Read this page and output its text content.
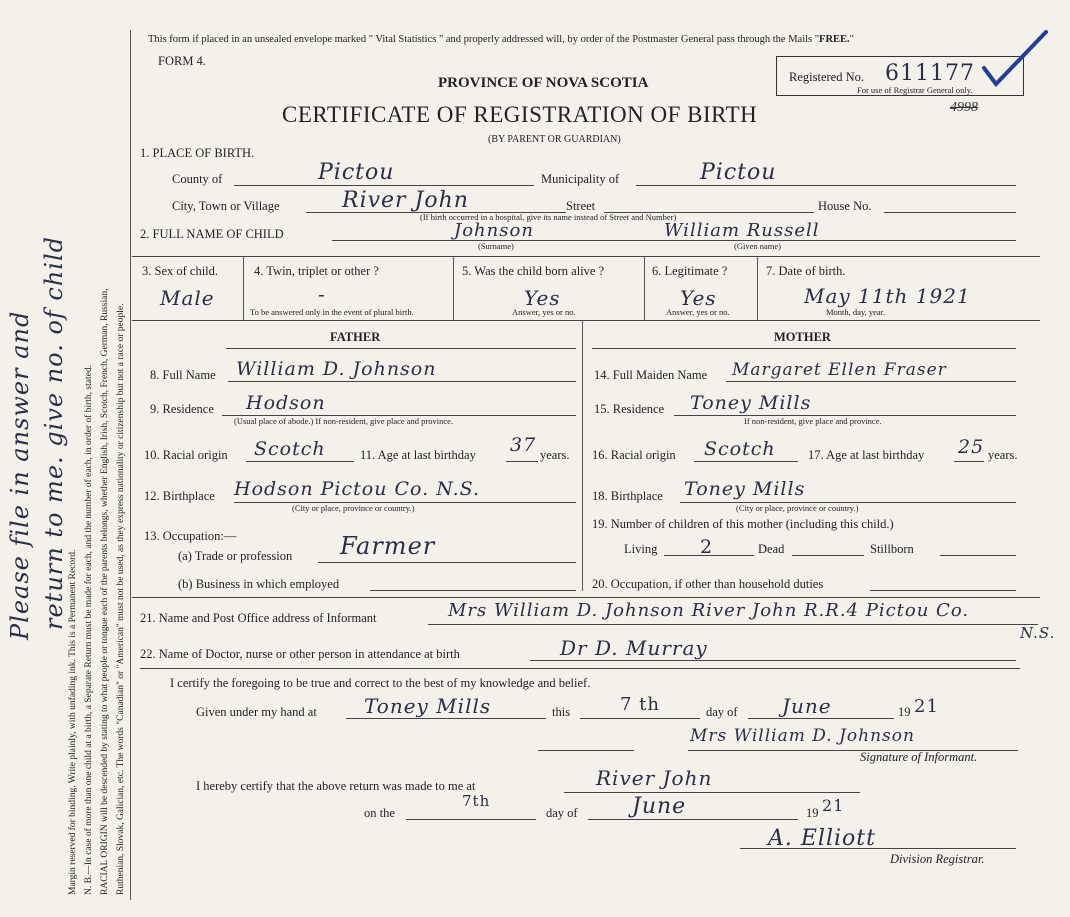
Margin reserved for binding. Write plainly, with unfading ink. This is a Permanent Record. N. B.—In case of more than one child at a birth, a Separate Return must be made for each, and the number of each, in order of birth, stated. RACIAL ORIGIN will be descended by stating to what people or tongue each of the parents belongs, whether English, Irish, Scotch, French, German, Russian, Ruthenian, Slovak, Galician, etc. The words "Canadian" or "American" must not be used, as they express nationality or citizenship but not a race or people.
Please file in answer and return to me. give no. of child
This form if placed in an unsealed envelope marked " Vital Statistics " and properly addressed will, by order of the Postmaster General pass through the Mails "FREE."
FORM 4.
PROVINCE OF NOVA SCOTIA
CERTIFICATE OF REGISTRATION OF BIRTH
(BY PARENT OR GUARDIAN)
Registered No. 611177
For use of Registrar General only.
4998
1. PLACE OF BIRTH.
County of	Pictou	Municipality of	Pictou
City, Town or Village	River John	Street	House No.
(If birth occurred in a hospital, give its name instead of Street and Number)
2. FULL NAME OF CHILD	Johnson
(Surname)
William Russell
(Given name)
3. Sex of child.
Male
4. Twin, triplet or other ?
-
To be answered only in the event of plural birth.
5. Was the child born alive ?
Yes
Answer, yes or no.
6. Legitimate ?
Yes
Answer, yes or no.
7. Date of birth.
May 11th 1921
Month, day, year.
FATHER	MOTHER
8. Full Name William D. Johnson
9. Residence Hodson
(Usual place of abode.) If non-resident, give place and province.
10. Racial origin Scotch	11. Age at last birthday 37 years.
12. Birthplace Hodson Pictou Co. N.S.
(City or place, province or country.)
13. Occupation:—
(a) Trade or profession Farmer
(b) Business in which employed
14. Full Maiden Name Margaret Ellen Fraser
15. Residence Toney Mills
If non-resident, give place and province.
16. Racial origin Scotch	17. Age at last birthday 25 years.
18. Birthplace Toney Mills
(City or place, province or country.)
19. Number of children of this mother (including this child.)
Living 2	Dead	Stillborn
20. Occupation, if other than household duties
21. Name and Post Office address of Informant	Mrs William D. Johnson River John R.R.4 Pictou Co.
N.S.
22. Name of Doctor, nurse or other person in attendance at birth	Dr D. Murray
I certify the foregoing to be true and correct to the best of my knowledge and belief.
Given under my hand at Toney Mills	this	7 th	day of June	19 21
Mrs William D. Johnson
Signature of Informant.
I hereby certify that the above return was made to me at	River John
on the
7th
day of June	19 21
A. Elliott
Division Registrar.
